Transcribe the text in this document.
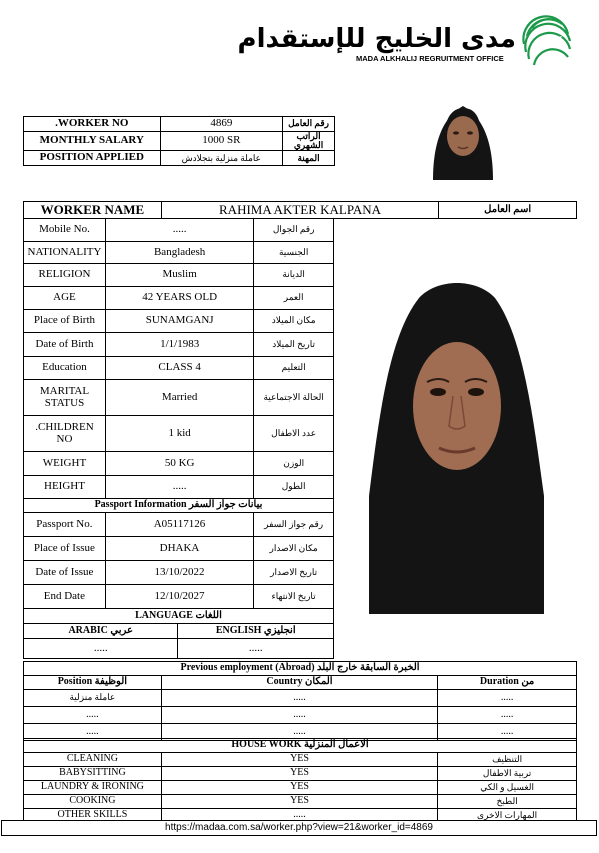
مدى الخليج للإستقدام
MADA ALKHALIJ REGRUITMENT OFFICE
.WORKER NO	4869	رقم العامل
MONTHLY SALARY	1000 SR	الراتب الشهري
POSITION APPLIED	عاملة منزلية بتجلادش	المهنة
WORKER NAME	RAHIMA AKTER KALPANA	اسم العامل
Mobile No.	.....	رقم الجوال
NATIONALITY	Bangladesh	الجنسية
RELIGION	Muslim	الديانة
AGE	42 YEARS OLD	العمر
Place of Birth	SUNAMGANJ	مكان الميلاد
Date of Birth	1/1/1983	تاريخ الميلاد
Education	CLASS 4	التعليم
MARITAL STATUS	Married	الحالة الاجتماعية
.CHILDREN NO	1 kid	عدد الاطفال
WEIGHT	50 KG	الوزن
HEIGHT	.....	الطول
Passport Information بيانات جواز السفر		
Passport No.	A05117126	رقم جواز السفر
Place of Issue	DHAKA	مكان الاصدار
Date of Issue	13/10/2022	تاريخ الاصدار
End Date	12/10/2027	تاريخ الانتهاء
LANGUAGE اللغات	
ARABIC عربي	ENGLISH انجليزي
.....	.....
Previous employment (Abroad) الخبرة السابقة خارج البلد		
Position الوظيفة	Country المكان	Duration من
عاملة منزلية	.....	.....
.....	.....	.....
.....	.....	.....
HOUSE WORK الاعمال المنزلية		
CLEANING	YES	التنظيف
BABYSITTING	YES	تربية الاطفال
LAUNDRY & IRONING	YES	الغسيل و الكي
COOKING	YES	الطبخ
OTHER SKILLS	.....	المهارات الاخرى
https://madaa.com.sa/worker.php?view=21&worker_id=4869
